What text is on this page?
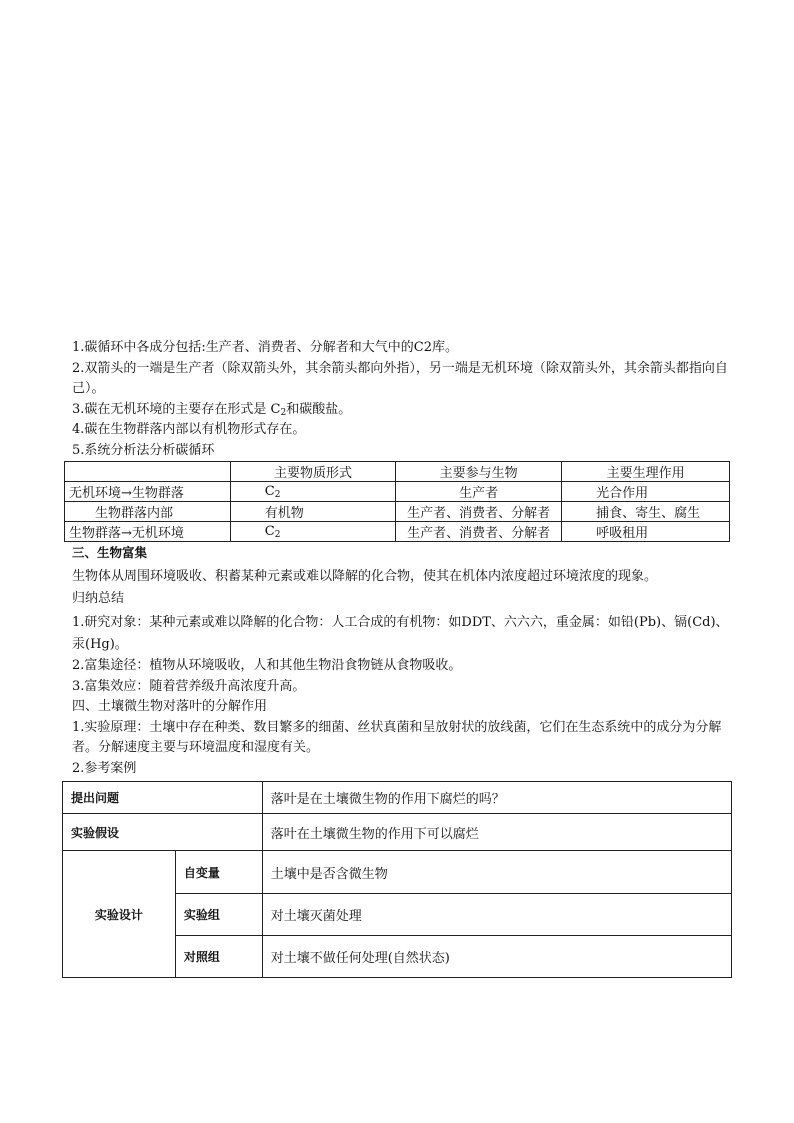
1.碳循环中各成分包括:生产者、消费者、分解者和大气中的C2库。
2.双箭头的一端是生产者（除双箭头外，其余箭头都向外指），另一端是无机环境（除双箭头外，其余箭头都指向自己）。
3.碳在无机环境的主要存在形式是 $C_2$和碳酸盐。
4.碳在生物群落内部以有机物形式存在。
5.系统分析法分析碳循环
	主要物质形式	主要参与生物	主要生理作用
无机环境→生物群落	$C_2$	生产者	光合作用
生物群落内部	有机物	生产者、消费者、分解者	捕食、寄生、腐生
生物群落→无机环境	$C_2$	生产者、消费者、分解者	呼吸租用
三、生物富集
生物体从周围环境吸收、积蓄某种元素或难以降解的化合物，使其在机体内浓度超过环境浓度的现象。
归纳总结
1.研究对象：某种元素或难以降解的化合物：人工合成的有机物：如DDT、六六六，重金属：如铅(Pb)、镉(Cd)、汞(Hg)。
2.富集途径：植物从环境吸收，人和其他生物沿食物链从食物吸收。
3.富集效应：随着营养级升高浓度升高。
四、土壤微生物对落叶的分解作用
1.实验原理：土壤中存在种类、数目繁多的细菌、丝状真菌和呈放射状的放线菌，它们在生态系统中的成分为分解者。分解速度主要与环境温度和湿度有关。
2.参考案例
提出问题		落叶是在土壤微生物的作用下腐烂的吗？
实验假设		落叶在土壤微生物的作用下可以腐烂
实验设计	自变量	土壤中是否含微生物
	实验组	对土壤灭菌处理
	对照组	对土壤不做任何处理(自然状态)
